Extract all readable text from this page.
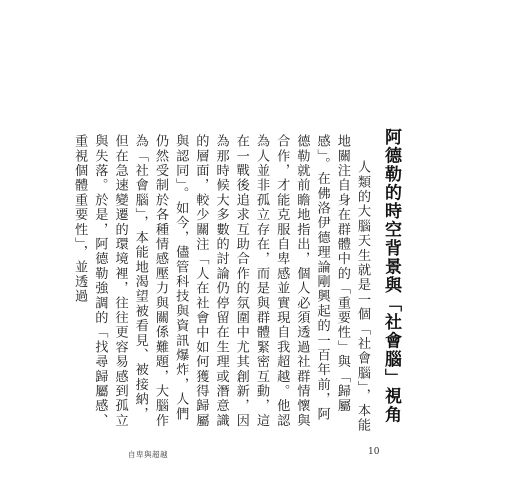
阿德勒的時空背景與「社會腦」視角

人類的大腦天生就是一個「社會腦」，本能地關注自身在群體中的「重要性」與「歸屬感」。在佛洛伊德理論剛興起的一百年前，阿德勒就前瞻地指出，個人必須透過社群情懷與合作，才能克服自卑感並實現自我超越。他認為人並非孤立存在，而是與群體緊密互動，這在一戰後追求互助合作的氛圍中尤其創新，因為那時候大多數的討論仍停留在生理或潛意識的層面，較少關注「人在社會中如何獲得歸屬與認同」。如今，儘管科技與資訊爆炸，人們仍然受制於各種情感壓力與關係難題，大腦作為「社會腦」，本能地渴望被看見、被接納，但在急速變遷的環境裡，往往更容易感到孤立與失落。於是，阿德勒強調的「找尋歸屬感、重視個體重要性」，並透過

自卑與超越	10
